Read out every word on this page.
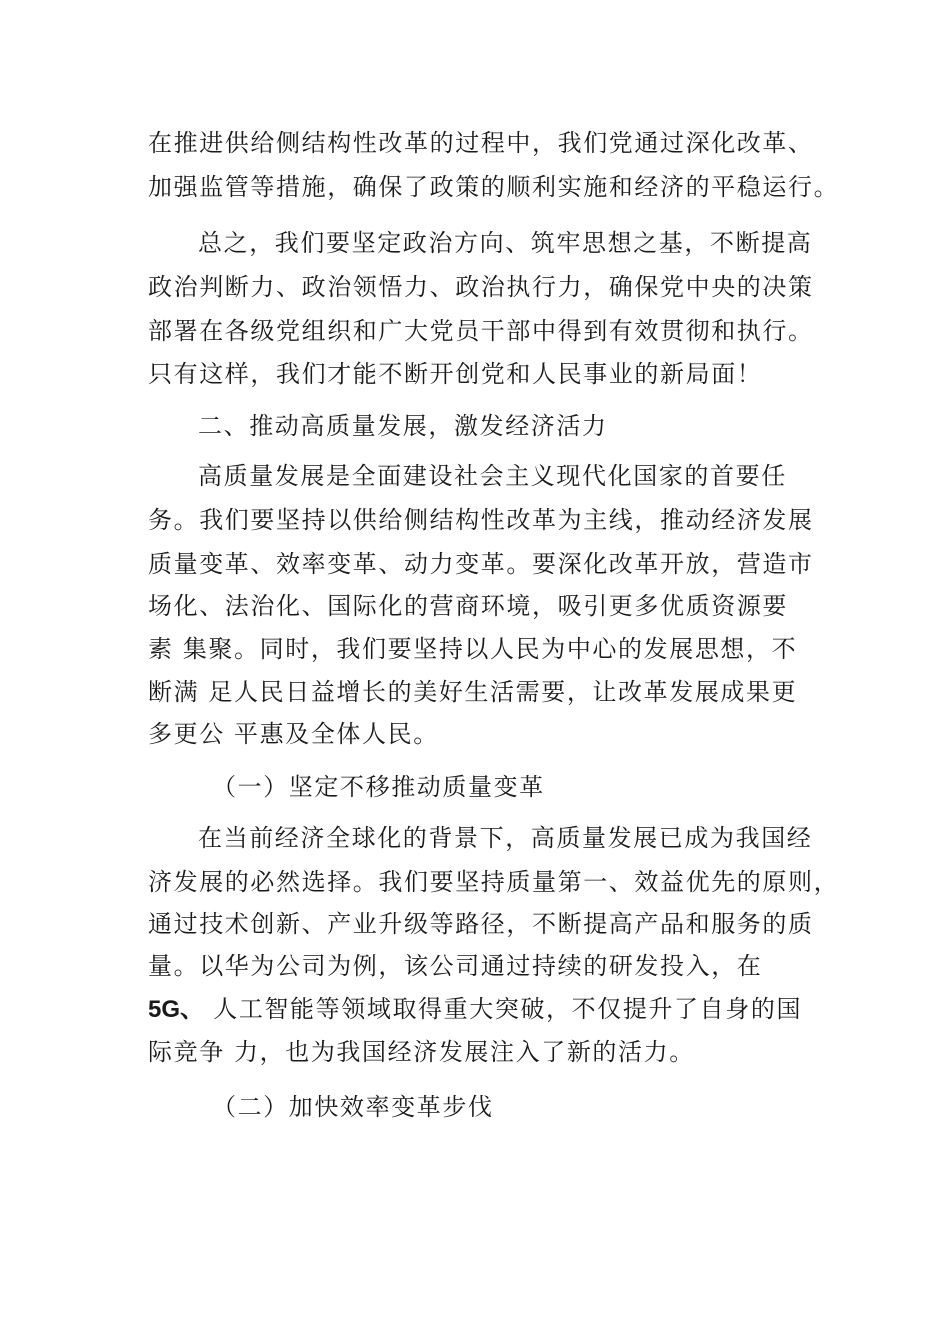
在推进供给侧结构性改革的过程中，我们党通过深化改革、

加强监管等措施，确保了政策的顺利实施和经济的平稳运行。

总之，我们要坚定政治方向、筑牢思想之基，不断提高

政治判断力、政治领悟力、政治执行力，确保党中央的决策

部署在各级党组织和广大党员干部中得到有效贯彻和执行。

只有这样，我们才能不断开创党和人民事业的新局面！

二、推动高质量发展，激发经济活力

高质量发展是全面建设社会主义现代化国家的首要任

务。我们要坚持以供给侧结构性改革为主线，推动经济发展

质量变革、效率变革、动力变革。要深化改革开放，营造市

场化、法治化、国际化的营商环境，吸引更多优质资源要

素 集聚。同时，我们要坚持以人民为中心的发展思想，不

断满 足人民日益增长的美好生活需要，让改革发展成果更

多更公 平惠及全体人民。

（一）坚定不移推动质量变革

在当前经济全球化的背景下，高质量发展已成为我国经

济发展的必然选择。我们要坚持质量第一、效益优先的原则，

通过技术创新、产业升级等路径，不断提高产品和服务的质

量。以华为公司为例，该公司通过持续的研发投入，在

5G、 人工智能等领域取得重大突破，不仅提升了自身的国

际竞争 力，也为我国经济发展注入了新的活力。

（二）加快效率变革步伐
